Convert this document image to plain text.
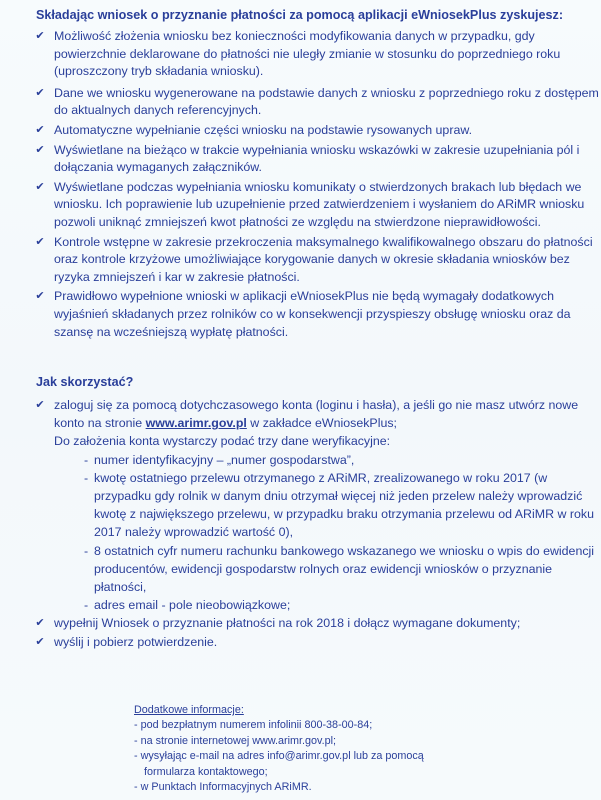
Składając wniosek o przyznanie płatności za pomocą aplikacji eWniosekPlus zyskujesz:
✔ Możliwość złożenia wniosku bez konieczności modyfikowania danych w przypadku, gdy powierzchnie deklarowane do płatności nie uległy zmianie w stosunku do poprzedniego roku (uproszczony tryb składania wniosku).
✔ Dane we wniosku wygenerowane na podstawie danych z wniosku z poprzedniego roku z dostępem do aktualnych danych referencyjnych.
✔ Automatyczne wypełnianie części wniosku na podstawie rysowanych upraw.
✔ Wyświetlane na bieżąco w trakcie wypełniania wniosku wskazówki w zakresie uzupełniania pól i dołączania wymaganych załączników.
✔ Wyświetlane podczas wypełniania wniosku komunikaty o stwierdzonych brakach lub błędach we wniosku. Ich poprawienie lub uzupełnienie przed zatwierdzeniem i wysłaniem do ARiMR wniosku pozwoli uniknąć zmniejszeń kwot płatności ze względu na stwierdzone nieprawidłowości.
✔ Kontrole wstępne w zakresie przekroczenia maksymalnego kwalifikowalnego obszaru do płatności oraz kontrole krzyżowe umożliwiające korygowanie danych w okresie składania wniosków bez ryzyka zmniejszeń i kar w zakresie płatności.
✔ Prawidłowo wypełnione wnioski w aplikacji eWniosekPlus nie będą wymagały dodatkowych wyjaśnień składanych przez rolników co w konsekwencji przyspieszy obsługę wniosku oraz da szansę na wcześniejszą wypłatę płatności.
Jak skorzystać?
✔ zaloguj się za pomocą dotychczasowego konta (loginu i hasła), a jeśli go nie masz utwórz nowe konto na stronie www.arimr.gov.pl w zakładce eWniosekPlus;
Do założenia konta wystarczy podać trzy dane weryfikacyjne:
- numer identyfikacyjny – „numer gospodarstwa”,
- kwotę ostatniego przelewu otrzymanego z ARiMR, zrealizowanego w roku 2017 (w przypadku gdy rolnik w danym dniu otrzymał więcej niż jeden przelew należy wprowadzić kwotę z największego przelewu, w przypadku braku otrzymania przelewu od ARiMR w roku 2017 należy wprowadzić wartość 0),
- 8 ostatnich cyfr numeru rachunku bankowego wskazanego we wniosku o wpis do ewidencji producentów, ewidencji gospodarstw rolnych oraz ewidencji wniosków o przyznanie płatności,
- adres email - pole nieobowiązkowe;
✔ wypełnij Wniosek o przyznanie płatności na rok 2018 i dołącz wymagane dokumenty;
✔ wyślij i pobierz potwierdzenie.
Dodatkowe informacje:
- pod bezpłatnym numerem infolinii 800-38-00-84;
- na stronie internetowej www.arimr.gov.pl;
- wysyłając e-mail na adres info@arimr.gov.pl lub za pomocą formularza kontaktowego;
- w Punktach Informacyjnych ARiMR.
